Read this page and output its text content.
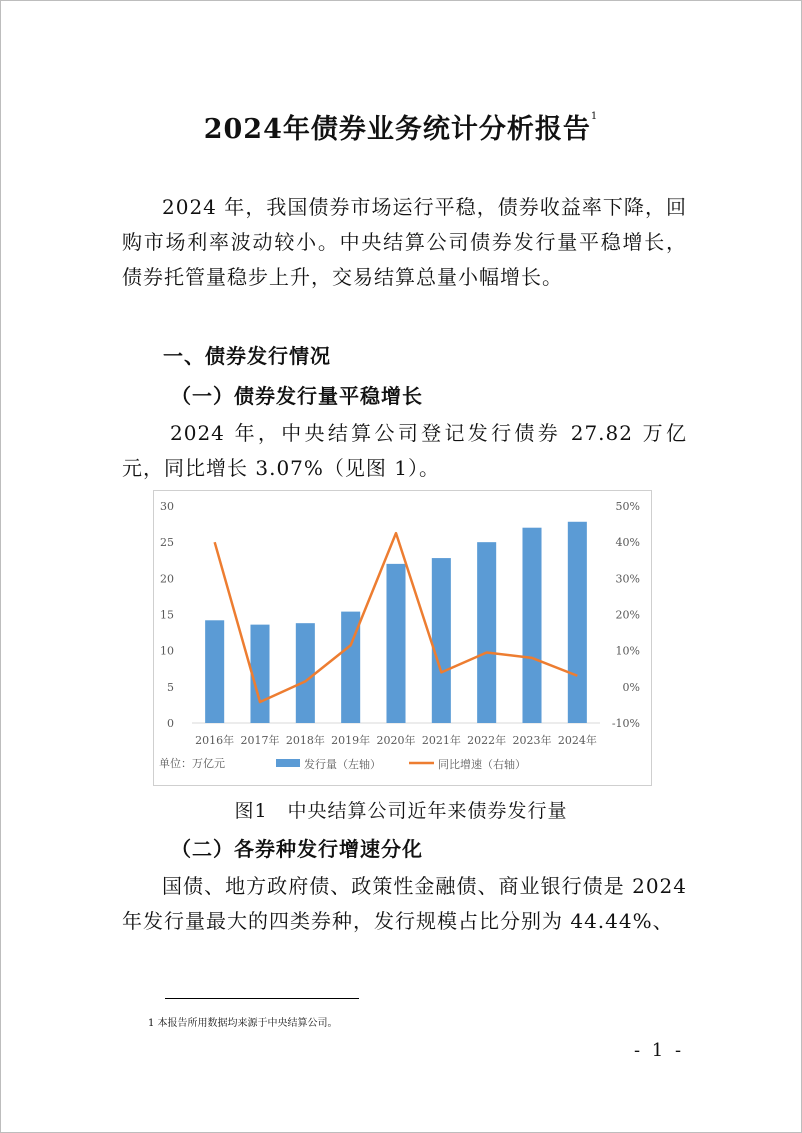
2024年债券业务统计分析报告$^1$
2024 年，我国债券市场运行平稳，债券收益率下降，回购市场利率波动较小。中央结算公司债券发行量平稳增长，债券托管量稳步上升，交易结算总量小幅增长。
一、债券发行情况
（一）债券发行量平稳增长
2024 年，中央结算公司登记发行债券 27.82 万亿元，同比增长 3.07%（见图 1）。
0
5
10
15
20
25
30
-10%
0%
10%
20%
30%
40%
50%
2016年 2017年 2018年 2019年 2020年 2021年 2022年 2023年 2024年
单位：万亿元	发行量（左轴）	同比增速（右轴）
图1　中央结算公司近年来债券发行量
（二）各券种发行增速分化
国债、地方政府债、政策性金融债、商业银行债是 2024 年发行量最大的四类券种，发行规模占比分别为 44.44%、
1 本报告所用数据均来源于中央结算公司。
- 1 -
